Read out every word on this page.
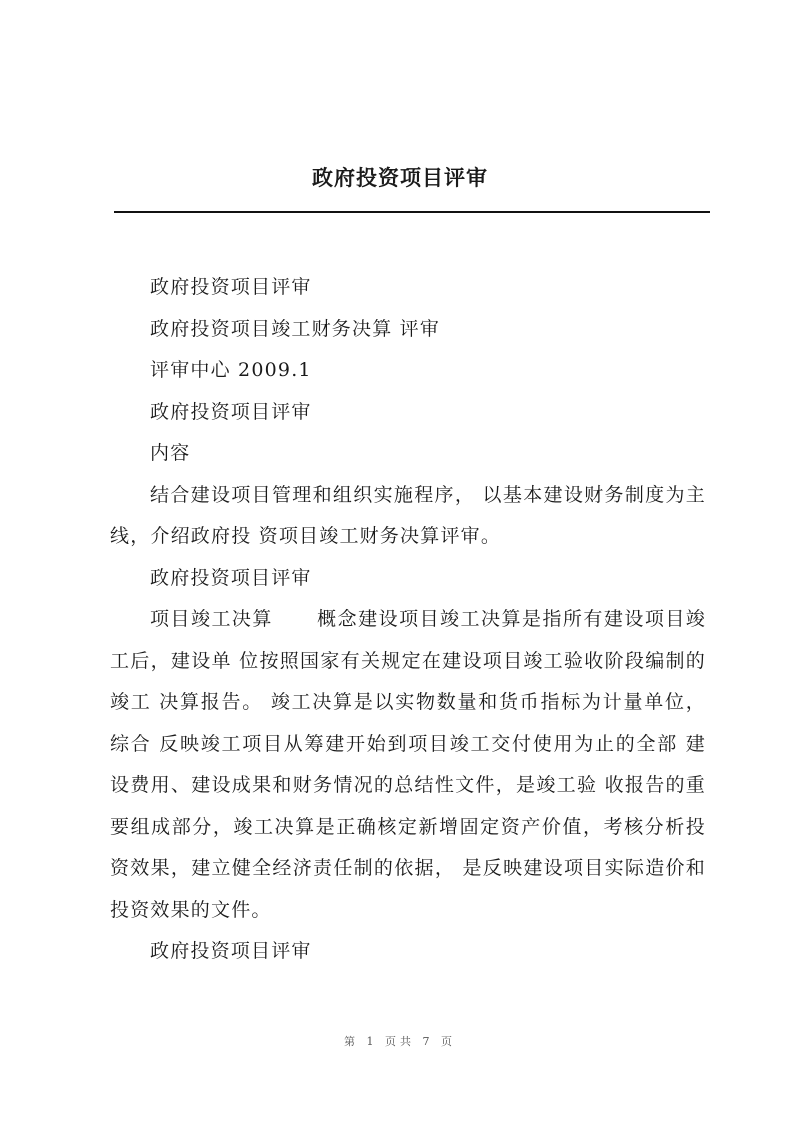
政府投资项目评审
政府投资项目评审
政府投资项目竣工财务决算 评审
评审中心 2009.1
政府投资项目评审
内容
结合建设项目管理和组织实施程序， 以基本建设财务制度为主线，介绍政府投 资项目竣工财务决算评审。
政府投资项目评审
项目竣工决算 概念建设项目竣工决算是指所有建设项目竣工后，建设单 位按照国家有关规定在建设项目竣工验收阶段编制的竣工 决算报告。 竣工决算是以实物数量和货币指标为计量单位，综合 反映竣工项目从筹建开始到项目竣工交付使用为止的全部 建设费用、建设成果和财务情况的总结性文件，是竣工验 收报告的重要组成部分，竣工决算是正确核定新增固定资产价值，考核分析投资效果，建立健全经济责任制的依据， 是反映建设项目实际造价和投资效果的文件。
政府投资项目评审
第 1 页共 7 页
